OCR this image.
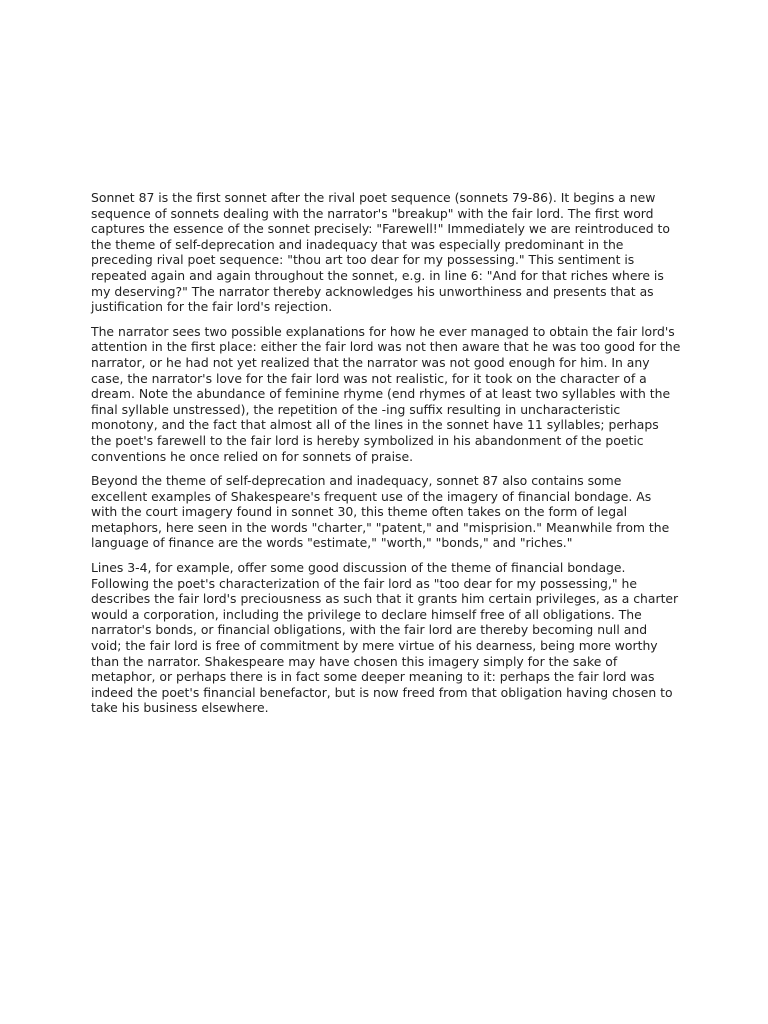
Sonnet 87 is the first sonnet after the rival poet sequence (sonnets 79-86). It begins a new sequence of sonnets dealing with the narrator's "breakup" with the fair lord. The first word captures the essence of the sonnet precisely: "Farewell!" Immediately we are reintroduced to the theme of self-deprecation and inadequacy that was especially predominant in the preceding rival poet sequence: "thou art too dear for my possessing." This sentiment is repeated again and again throughout the sonnet, e.g. in line 6: "And for that riches where is my deserving?" The narrator thereby acknowledges his unworthiness and presents that as justification for the fair lord's rejection.

The narrator sees two possible explanations for how he ever managed to obtain the fair lord's attention in the first place: either the fair lord was not then aware that he was too good for the narrator, or he had not yet realized that the narrator was not good enough for him. In any case, the narrator's love for the fair lord was not realistic, for it took on the character of a dream. Note the abundance of feminine rhyme (end rhymes of at least two syllables with the final syllable unstressed), the repetition of the -ing suffix resulting in uncharacteristic monotony, and the fact that almost all of the lines in the sonnet have 11 syllables; perhaps the poet's farewell to the fair lord is hereby symbolized in his abandonment of the poetic conventions he once relied on for sonnets of praise.

Beyond the theme of self-deprecation and inadequacy, sonnet 87 also contains some excellent examples of Shakespeare's frequent use of the imagery of financial bondage. As with the court imagery found in sonnet 30, this theme often takes on the form of legal metaphors, here seen in the words "charter," "patent," and "misprision." Meanwhile from the language of finance are the words "estimate," "worth," "bonds," and "riches."

Lines 3-4, for example, offer some good discussion of the theme of financial bondage. Following the poet's characterization of the fair lord as "too dear for my possessing," he describes the fair lord's preciousness as such that it grants him certain privileges, as a charter would a corporation, including the privilege to declare himself free of all obligations. The narrator's bonds, or financial obligations, with the fair lord are thereby becoming null and void; the fair lord is free of commitment by mere virtue of his dearness, being more worthy than the narrator. Shakespeare may have chosen this imagery simply for the sake of metaphor, or perhaps there is in fact some deeper meaning to it: perhaps the fair lord was indeed the poet's financial benefactor, but is now freed from that obligation having chosen to take his business elsewhere.
